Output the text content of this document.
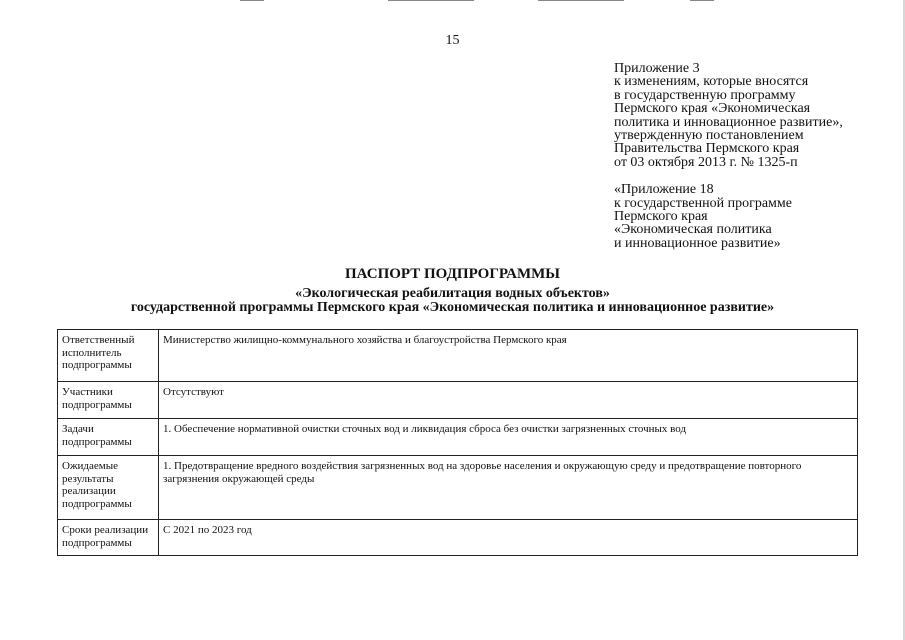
15
Приложение 3
к изменениям, которые вносятся
в государственную программу
Пермского края «Экономическая
политика и инновационное развитие»,
утвержденную постановлением
Правительства Пермского края
от 03 октября 2013 г. № 1325-п
«Приложение 18
к государственной программе
Пермского края
«Экономическая политика
и инновационное развитие»
ПАСПОРТ ПОДПРОГРАММЫ
«Экологическая реабилитация водных объектов»
государственной программы Пермского края «Экономическая политика и инновационное развитие»
Ответственный исполнитель подпрограммы	Министерство жилищно-коммунального хозяйства и благоустройства Пермского края
Участники подпрограммы	Отсутствуют
Задачи подпрограммы	1. Обеспечение нормативной очистки сточных вод и ликвидация сброса без очистки загрязненных сточных вод
Ожидаемые результаты реализации подпрограммы	1. Предотвращение вредного воздействия загрязненных вод на здоровье населения и окружающую среду и предотвращение повторного загрязнения окружающей среды
Сроки реализации подпрограммы	С 2021 по 2023 год
